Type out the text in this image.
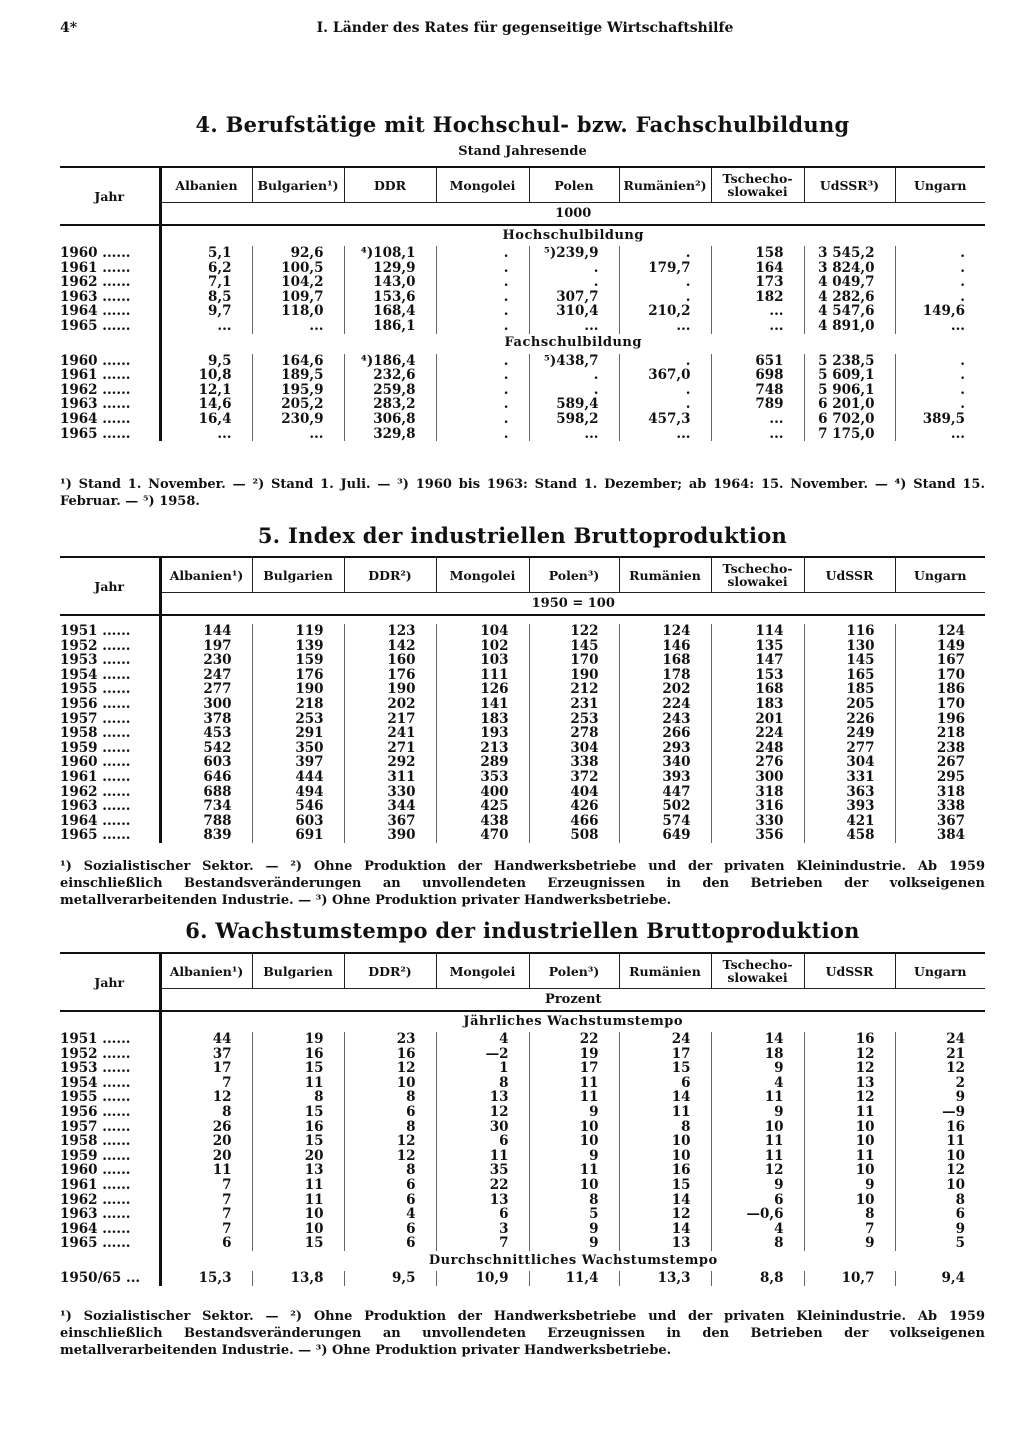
4*	I. Länder des Rates für gegenseitige Wirtschaftshilfe
4. Berufstätige mit Hochschul- bzw. Fachschulbildung
Stand Jahresende
Jahr	Albanien	Bulgarien¹)	DDR	Mongolei	Polen	Rumänien²)	Tschecho-slowakei	UdSSR³)	Ungarn
	1000								
	Hochschulbildung								
1960 ......	5,1	92,6	⁴)108,1	.	⁵)239,9	.	158	3 545,2	.
1961 ......	6,2	100,5	129,9	.	.	179,7	164	3 824,0	.
1962 ......	7,1	104,2	143,0	.	.	.	173	4 049,7	.
1963 ......	8,5	109,7	153,6	.	307,7	.	182	4 282,6	.
1964 ......	9,7	118,0	168,4	.	310,4	210,2	...	4 547,6	149,6
1965 ......	...	...	186,1	.	...	...	...	4 891,0	...
	Fachschulbildung								
1960 ......	9,5	164,6	⁴)186,4	.	⁵)438,7	.	651	5 238,5	.
1961 ......	10,8	189,5	232,6	.	.	367,0	698	5 609,1	.
1962 ......	12,1	195,9	259,8	.	.	.	748	5 906,1	.
1963 ......	14,6	205,2	283,2	.	589,4	.	789	6 201,0	.
1964 ......	16,4	230,9	306,8	.	598,2	457,3	...	6 702,0	389,5
1965 ......	...	...	329,8	.	...	...	...	7 175,0	...
¹) Stand 1. November. — ²) Stand 1. Juli. — ³) 1960 bis 1963: Stand 1. Dezember; ab 1964: 15. November. — ⁴) Stand 15. Februar. — ⁵) 1958.
5. Index der industriellen Bruttoproduktion
Jahr	Albanien¹)	Bulgarien	DDR²)	Mongolei	Polen³)	Rumänien	Tschecho-slowakei	UdSSR	Ungarn
	1950 = 100								

1951 ......	144	119	123	104	122	124	114	116	124
1952 ......	197	139	142	102	145	146	135	130	149
1953 ......	230	159	160	103	170	168	147	145	167
1954 ......	247	176	176	111	190	178	153	165	170
1955 ......	277	190	190	126	212	202	168	185	186
1956 ......	300	218	202	141	231	224	183	205	170
1957 ......	378	253	217	183	253	243	201	226	196
1958 ......	453	291	241	193	278	266	224	249	218
1959 ......	542	350	271	213	304	293	248	277	238
1960 ......	603	397	292	289	338	340	276	304	267
1961 ......	646	444	311	353	372	393	300	331	295
1962 ......	688	494	330	400	404	447	318	363	318
1963 ......	734	546	344	425	426	502	316	393	338
1964 ......	788	603	367	438	466	574	330	421	367
1965 ......	839	691	390	470	508	649	356	458	384
¹) Sozialistischer Sektor. — ²) Ohne Produktion der Handwerksbetriebe und der privaten Kleinindustrie. Ab 1959 einschließlich Bestandsveränderungen an unvollendeten Erzeugnissen in den Betrieben der volkseigenen metallverarbeitenden Industrie. — ³) Ohne Produktion privater Handwerksbetriebe.
6. Wachstumstempo der industriellen Bruttoproduktion
Jahr	Albanien¹)	Bulgarien	DDR²)	Mongolei	Polen³)	Rumänien	Tschecho-slowakei	UdSSR	Ungarn
	Prozent								
	Jährliches Wachstumstempo								
1951 ......	44	19	23	4	22	24	14	16	24
1952 ......	37	16	16	—2	19	17	18	12	21
1953 ......	17	15	12	1	17	15	9	12	12
1954 ......	7	11	10	8	11	6	4	13	2
1955 ......	12	8	8	13	11	14	11	12	9
1956 ......	8	15	6	12	9	11	9	11	—9
1957 ......	26	16	8	30	10	8	10	10	16
1958 ......	20	15	12	6	10	10	11	10	11
1959 ......	20	20	12	11	9	10	11	11	10
1960 ......	11	13	8	35	11	16	12	10	12
1961 ......	7	11	6	22	10	15	9	9	10
1962 ......	7	11	6	13	8	14	6	10	8
1963 ......	7	10	4	6	5	12	—0,6	8	6
1964 ......	7	10	6	3	9	14	4	7	9
1965 ......	6	15	6	7	9	13	8	9	5
	Durchschnittliches Wachstumstempo								
1950/65 ...	15,3	13,8	9,5	10,9	11,4	13,3	8,8	10,7	9,4
¹) Sozialistischer Sektor. — ²) Ohne Produktion der Handwerksbetriebe und der privaten Kleinindustrie. Ab 1959 einschließlich Bestandsveränderungen an unvollendeten Erzeugnissen in den Betrieben der volkseigenen metallverarbeitenden Industrie. — ³) Ohne Produktion privater Handwerksbetriebe.
